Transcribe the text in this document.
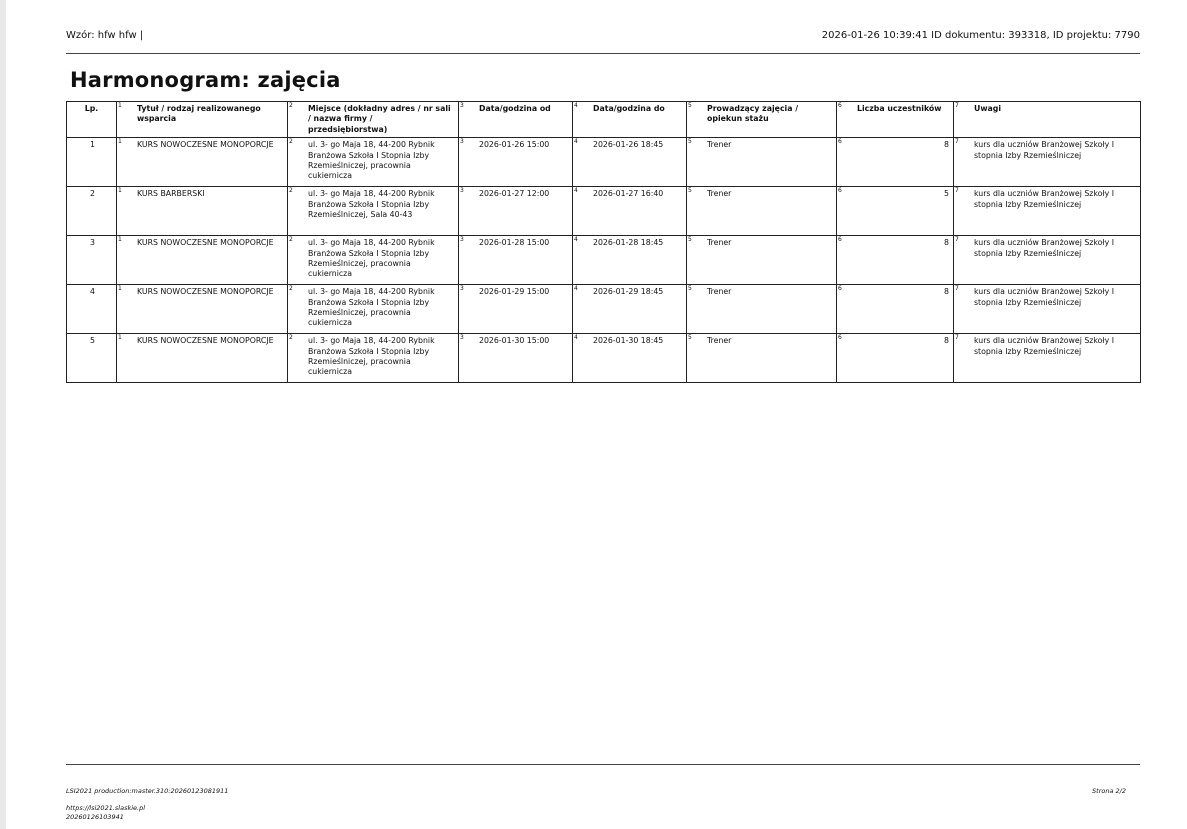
Wzór: hfw hfw |	2026-01-26 10:39:41 ID dokumentu: 393318, ID projektu: 7790
Harmonogram: zajęcia
Lp.	1 Tytuł / rodzaj realizowanego wsparcia	2 Miejsce (dokładny adres / nr sali / nazwa firmy / przedsiębiorstwa)	3 Data/godzina od	4 Data/godzina do	5 Prowadzący zajęcia / opiekun stażu	6 Liczba uczestników	7 Uwagi

1	1 KURS NOWOCZESNE MONOPORCJE	2 ul. 3- go Maja 18, 44-200 Rybnik Branżowa Szkoła I Stopnia Izby Rzemieślniczej, pracownia cukiernicza	3 2026-01-26 15:00	4 2026-01-26 18:45	5 Trener	6 8	7 kurs dla uczniów Branżowej Szkoły I stopnia Izby Rzemieślniczej

2	1 KURS BARBERSKI	2 ul. 3- go Maja 18, 44-200 Rybnik Branżowa Szkoła I Stopnia Izby Rzemieślniczej, Sala 40-43	3 2026-01-27 12:00	4 2026-01-27 16:40	5 Trener	6 5	7 kurs dla uczniów Branżowej Szkoły I stopnia Izby Rzemieślniczej

3	1 KURS NOWOCZESNE MONOPORCJE	2 ul. 3- go Maja 18, 44-200 Rybnik Branżowa Szkoła I Stopnia Izby Rzemieślniczej, pracownia cukiernicza	3 2026-01-28 15:00	4 2026-01-28 18:45	5 Trener	6 8	7 kurs dla uczniów Branżowej Szkoły I stopnia Izby Rzemieślniczej

4	1 KURS NOWOCZESNE MONOPORCJE	2 ul. 3- go Maja 18, 44-200 Rybnik Branżowa Szkoła I Stopnia Izby Rzemieślniczej, pracownia cukiernicza	3 2026-01-29 15:00	4 2026-01-29 18:45	5 Trener	6 8	7 kurs dla uczniów Branżowej Szkoły I stopnia Izby Rzemieślniczej

5	1 KURS NOWOCZESNE MONOPORCJE	2 ul. 3- go Maja 18, 44-200 Rybnik Branżowa Szkoła I Stopnia Izby Rzemieślniczej, pracownia cukiernicza	3 2026-01-30 15:00	4 2026-01-30 18:45	5 Trener	6 8	7 kurs dla uczniów Branżowej Szkoły I stopnia Izby Rzemieślniczej
LSI2021 production:master.310:20260123081911
https://lsi2021.slaskie.pl
20260126103941
Strona 2/2
